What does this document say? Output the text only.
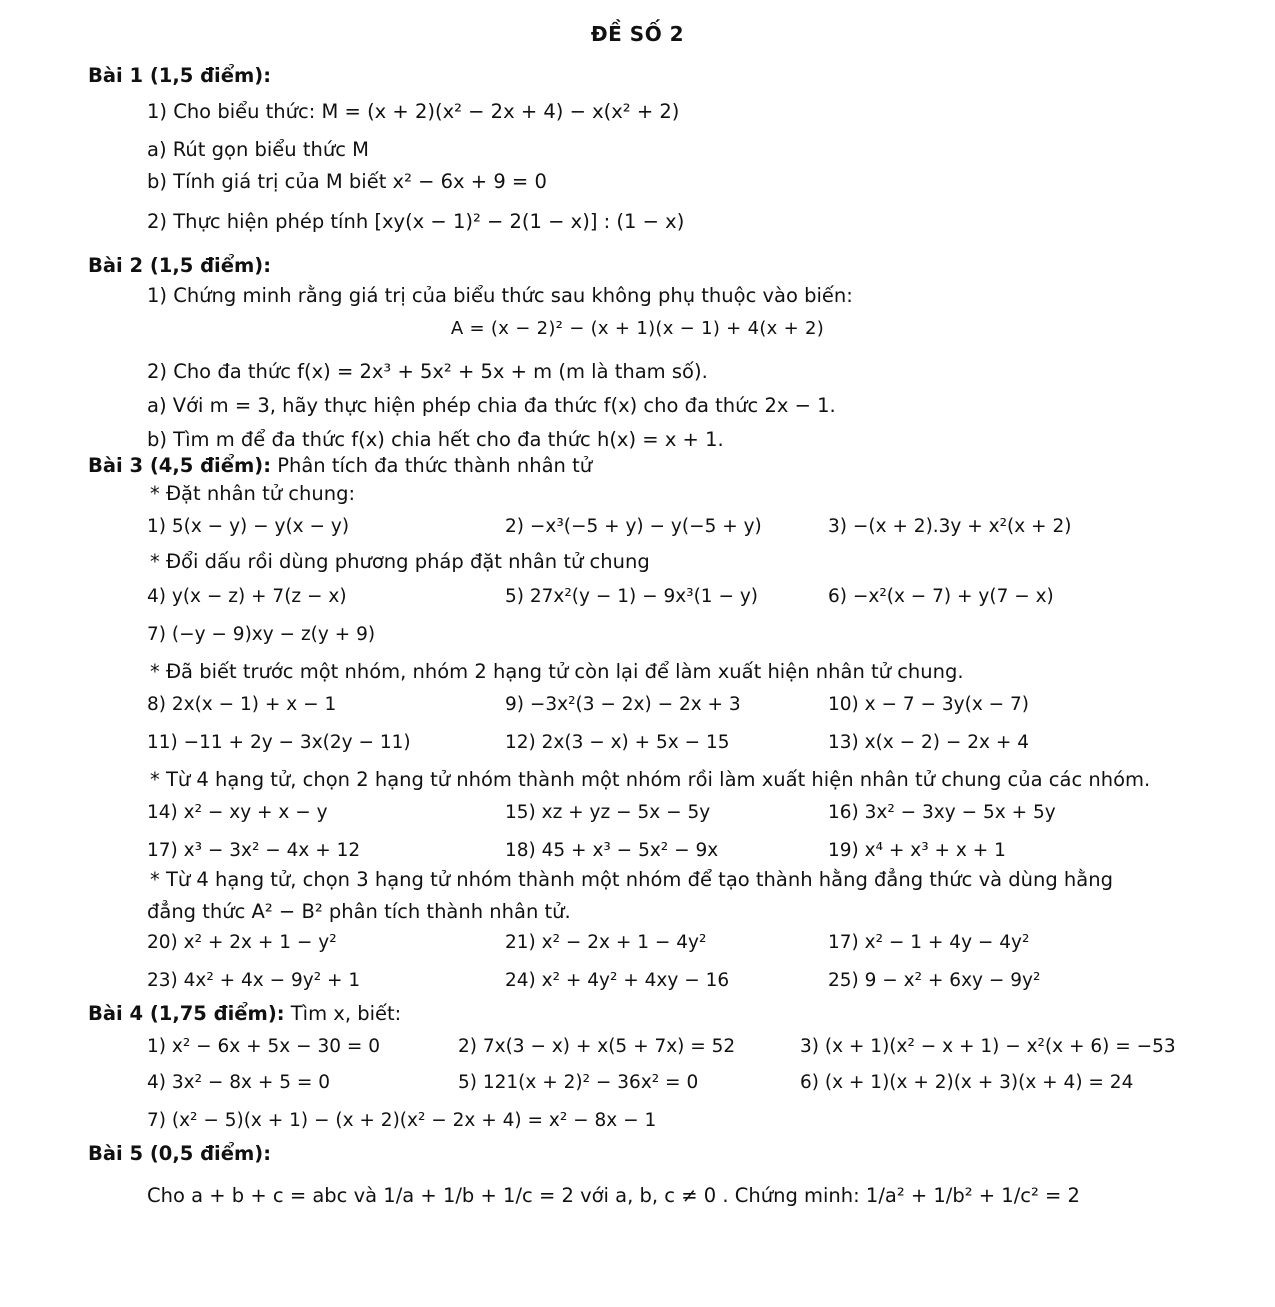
ĐỀ SỐ 2
Bài 1 (1,5 điểm):
1) Cho biểu thức: M = (x + 2)(x² − 2x + 4) − x(x² + 2)
a) Rút gọn biểu thức M
b) Tính giá trị của M biết x² − 6x + 9 = 0
2) Thực hiện phép tính [xy(x − 1)² − 2(1 − x)] : (1 − x)
Bài 2 (1,5 điểm):
1) Chứng minh rằng giá trị của biểu thức sau không phụ thuộc vào biến:
A = (x − 2)² − (x + 1)(x − 1) + 4(x + 2)
2) Cho đa thức f(x) = 2x³ + 5x² + 5x + m (m là tham số).
a) Với m = 3, hãy thực hiện phép chia đa thức f(x) cho đa thức 2x − 1.
b) Tìm m để đa thức f(x) chia hết cho đa thức h(x) = x + 1.
Bài 3 (4,5 điểm): Phân tích đa thức thành nhân tử
* Đặt nhân tử chung:
1) 5(x − y) − y(x − y)	2) −x³(−5 + y) − y(−5 + y)	3) −(x + 2).3y + x²(x + 2)
* Đổi dấu rồi dùng phương pháp đặt nhân tử chung
4) y(x − z) + 7(z − x)	5) 27x²(y − 1) − 9x³(1 − y)	6) −x²(x − 7) + y(7 − x)
7) (−y − 9)xy − z(y + 9)
* Đã biết trước một nhóm, nhóm 2 hạng tử còn lại để làm xuất hiện nhân tử chung.
8) 2x(x − 1) + x − 1	9) −3x²(3 − 2x) − 2x + 3	10) x − 7 − 3y(x − 7)
11) −11 + 2y − 3x(2y − 11)	12) 2x(3 − x) + 5x − 15	13) x(x − 2) − 2x + 4
* Từ 4 hạng tử, chọn 2 hạng tử nhóm thành một nhóm rồi làm xuất hiện nhân tử chung của các nhóm.
14) x² − xy + x − y	15) xz + yz − 5x − 5y	16) 3x² − 3xy − 5x + 5y
17) x³ − 3x² − 4x + 12	18) 45 + x³ − 5x² − 9x	19) x⁴ + x³ + x + 1
* Từ 4 hạng tử, chọn 3 hạng tử nhóm thành một nhóm để tạo thành hằng đẳng thức và dùng hằng
đẳng thức A² − B² phân tích thành nhân tử.
20) x² + 2x + 1 − y²	21) x² − 2x + 1 − 4y²	17) x² − 1 + 4y − 4y²
23) 4x² + 4x − 9y² + 1	24) x² + 4y² + 4xy − 16	25) 9 − x² + 6xy − 9y²
Bài 4 (1,75 điểm): Tìm x, biết:
1) x² − 6x + 5x − 30 = 0	2) 7x(3 − x) + x(5 + 7x) = 52	3) (x + 1)(x² − x + 1) − x²(x + 6) = −53
4) 3x² − 8x + 5 = 0	5) 121(x + 2)² − 36x² = 0	6) (x + 1)(x + 2)(x + 3)(x + 4) = 24
7) (x² − 5)(x + 1) − (x + 2)(x² − 2x + 4) = x² − 8x − 1
Bài 5 (0,5 điểm):
Cho a + b + c = abc và 1/a + 1/b + 1/c = 2 với a, b, c ≠ 0 . Chứng minh: 1/a² + 1/b² + 1/c² = 2
